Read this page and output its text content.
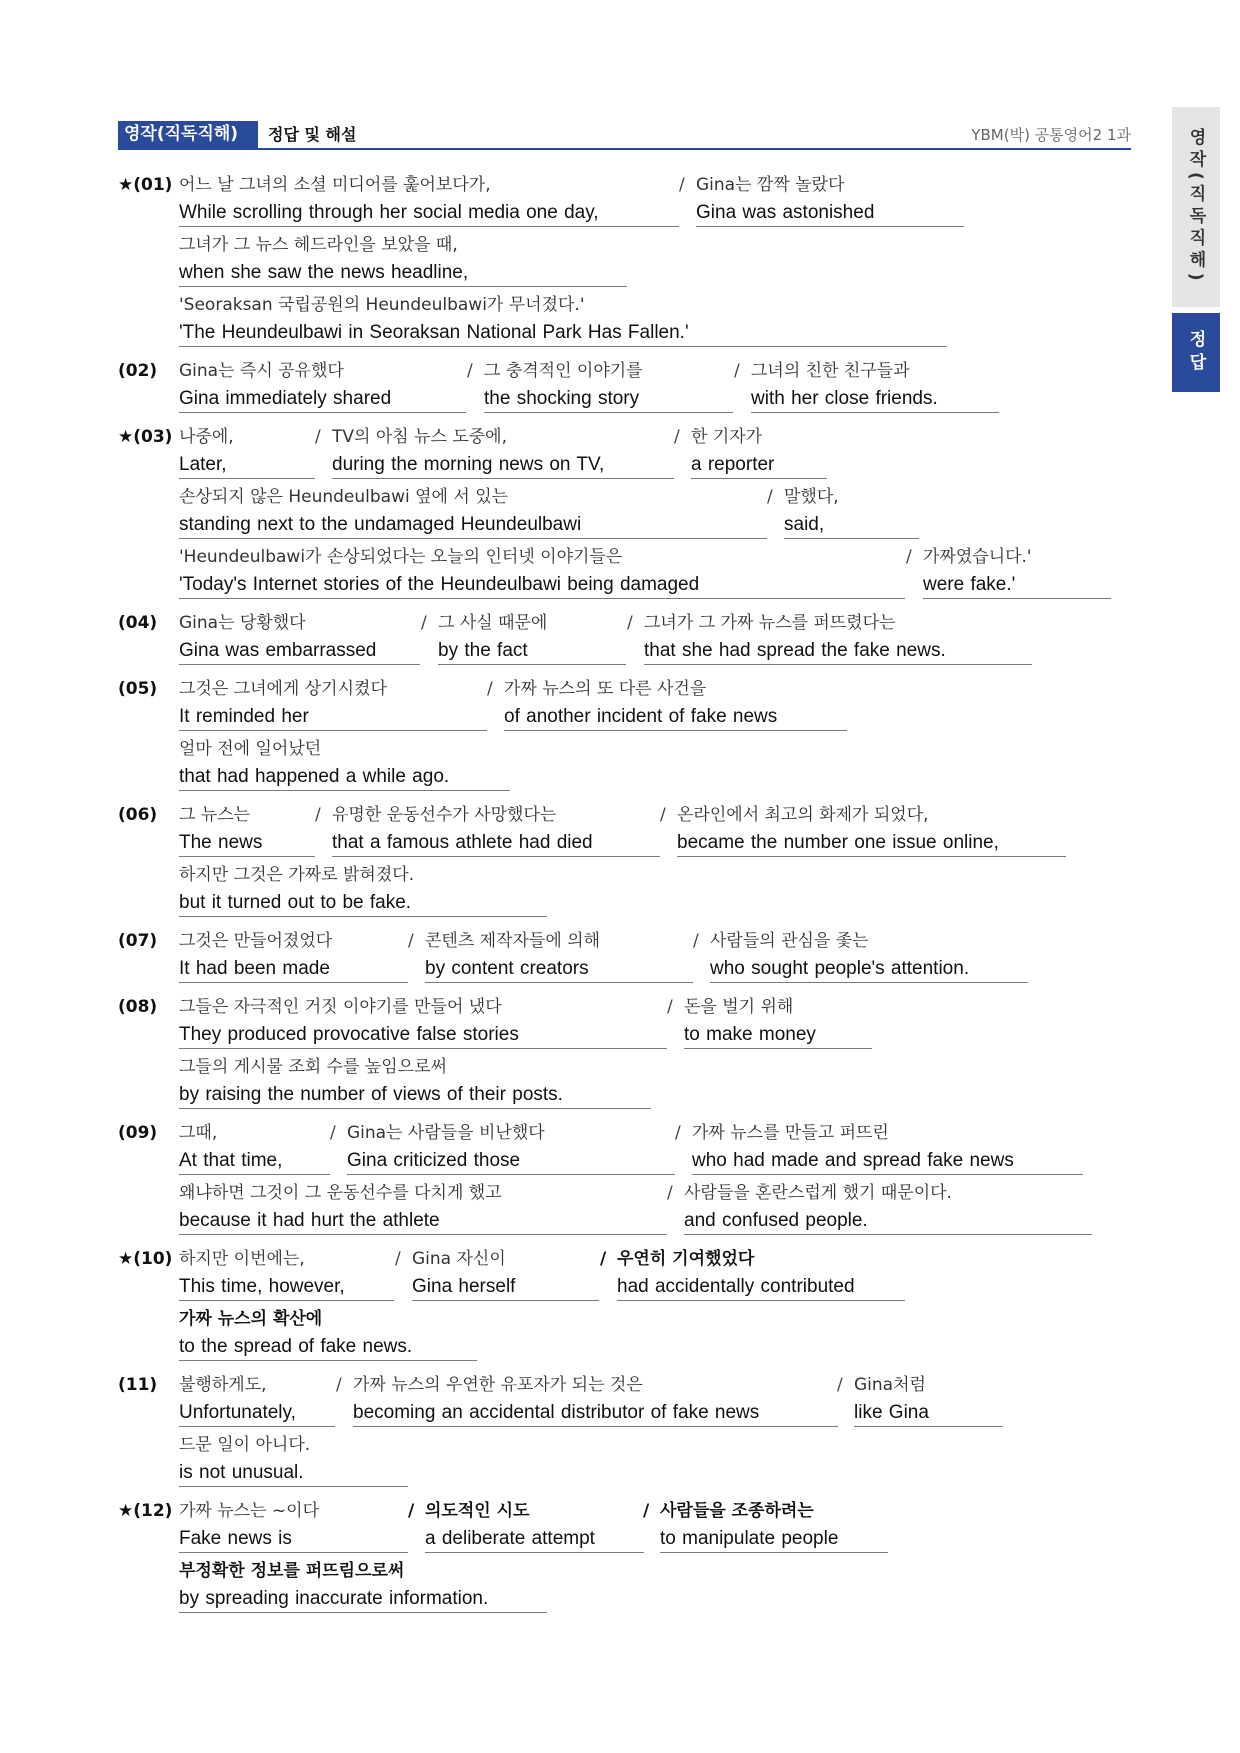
영작(직독직해)	정답 및 해설	YBM(박) 공통영어2 1과	영작(직독직해)
정답
★(01) 어느 날 그녀의 소셜 미디어를 훑어보다가,
While scrolling through her social media one day,
/ Gina는 깜짝 놀랐다
Gina was astonished
그녀가 그 뉴스 헤드라인을 보았을 때,
when she saw the news headline,
'Seoraksan 국립공원의 Heundeulbawi가 무너졌다.'
'The Heundeulbawi in Seoraksan National Park Has Fallen.'
(02) Gina는 즉시 공유했다
Gina immediately shared
/ 그 충격적인 이야기를
the shocking story
/ 그녀의 친한 친구들과
with her close friends.
★(03) 나중에,
Later,
/ TV의 아침 뉴스 도중에,
during the morning news on TV,
/ 한 기자가
a reporter
손상되지 않은 Heundeulbawi 옆에 서 있는
standing next to the undamaged Heundeulbawi
/ 말했다,
said,
'Heundeulbawi가 손상되었다는 오늘의 인터넷 이야기들은
'Today's Internet stories of the Heundeulbawi being damaged
/ 가짜였습니다.'
were fake.'
(04) Gina는 당황했다
Gina was embarrassed
/ 그 사실 때문에
by the fact
/ 그녀가 그 가짜 뉴스를 퍼뜨렸다는
that she had spread the fake news.
(05) 그것은 그녀에게 상기시켰다
It reminded her
/ 가짜 뉴스의 또 다른 사건을
of another incident of fake news
얼마 전에 일어났던
that had happened a while ago.
(06) 그 뉴스는
The news
/ 유명한 운동선수가 사망했다는
that a famous athlete had died
/ 온라인에서 최고의 화제가 되었다,
became the number one issue online,
하지만 그것은 가짜로 밝혀졌다.
but it turned out to be fake.
(07) 그것은 만들어졌었다
It had been made
/ 콘텐츠 제작자들에 의해
by content creators
/ 사람들의 관심을 좇는
who sought people's attention.
(08) 그들은 자극적인 거짓 이야기를 만들어 냈다
They produced provocative false stories
/ 돈을 벌기 위해
to make money
그들의 게시물 조회 수를 높임으로써
by raising the number of views of their posts.
(09) 그때,
At that time,
/ Gina는 사람들을 비난했다
Gina criticized those
/ 가짜 뉴스를 만들고 퍼뜨린
who had made and spread fake news
왜냐하면 그것이 그 운동선수를 다치게 했고
because it had hurt the athlete
/ 사람들을 혼란스럽게 했기 때문이다.
and confused people.
★(10) 하지만 이번에는,
This time, however,
/ Gina 자신이
Gina herself
/ 우연히 기여했었다
had accidentally contributed
가짜 뉴스의 확산에
to the spread of fake news.
(11) 불행하게도,
Unfortunately,
/ 가짜 뉴스의 우연한 유포자가 되는 것은
becoming an accidental distributor of fake news
/ Gina처럼
like Gina
드문 일이 아니다.
is not unusual.
★(12) 가짜 뉴스는 ~이다
Fake news is
/ 의도적인 시도
a deliberate attempt
/ 사람들을 조종하려는
to manipulate people
부정확한 정보를 퍼뜨림으로써
by spreading inaccurate information.
